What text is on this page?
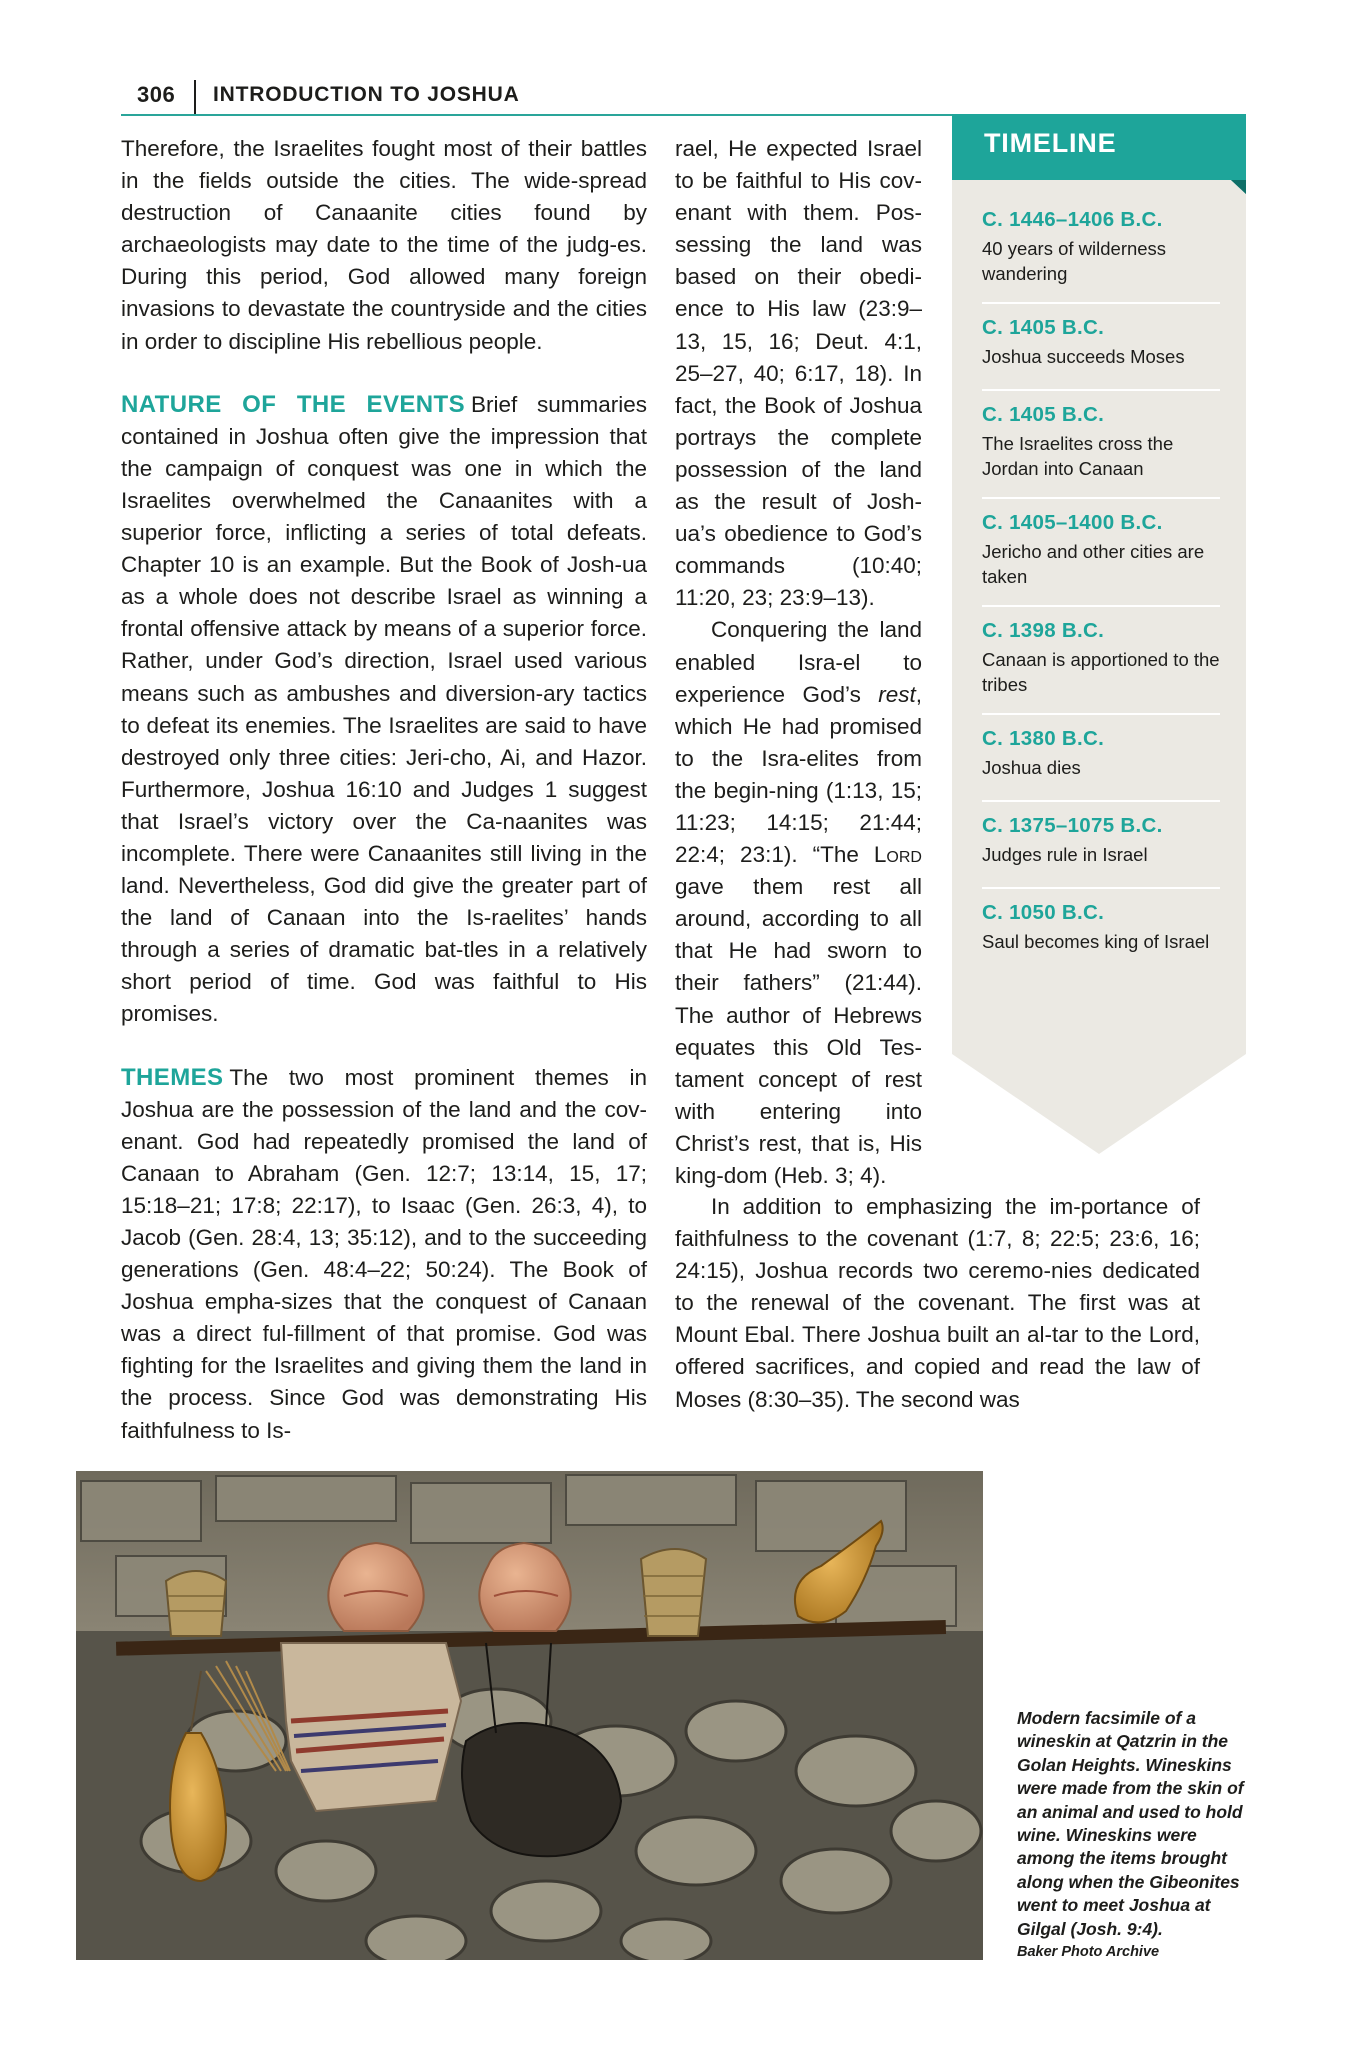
306 INTRODUCTION TO JOSHUA

Therefore, the Israelites fought most of their battles in the fields outside the cities. The wide-spread destruction of Canaanite cities found by archaeologists may date to the time of the judg-es. During this period, God allowed many foreign invasions to devastate the countryside and the cities in order to discipline His rebellious people.

NATURE OF THE EVENTS Brief summaries contained in Joshua often give the impression that the campaign of conquest was one in which the Israelites overwhelmed the Canaanites with a superior force, inflicting a series of total defeats. Chapter 10 is an example. But the Book of Josh-ua as a whole does not describe Israel as winning a frontal offensive attack by means of a superior force. Rather, under God’s direction, Israel used various means such as ambushes and diversion-ary tactics to defeat its enemies. The Israelites are said to have destroyed only three cities: Jeri-cho, Ai, and Hazor. Furthermore, Joshua 16:10 and Judges 1 suggest that Israel’s victory over the Ca-naanites was incomplete. There were Canaanites still living in the land. Nevertheless, God did give the greater part of the land of Canaan into the Is-raelites’ hands through a series of dramatic bat-tles in a relatively short period of time. God was faithful to His promises.

THEMES The two most prominent themes in Joshua are the possession of the land and the cov-enant. God had repeatedly promised the land of Canaan to Abraham (Gen. 12:7; 13:14, 15, 17; 15:18–21; 17:8; 22:17), to Isaac (Gen. 26:3, 4), to Jacob (Gen. 28:4, 13; 35:12), and to the succeeding generations (Gen. 48:4–22; 50:24). The Book of Joshua empha-sizes that the conquest of Canaan was a direct ful-fillment of that promise. God was fighting for the Israelites and giving them the land in the process. Since God was demonstrating His faithfulness to Is-

rael, He expected Israel to be faithful to His cov-enant with them. Pos-sessing the land was based on their obedi-ence to His law (23:9–13, 15, 16; Deut. 4:1, 25–27, 40; 6:17, 18). In fact, the Book of Joshua portrays the complete possession of the land as the result of Josh-ua’s obedience to God’s commands (10:40; 11:20, 23; 23:9–13).

Conquering the land enabled Isra-el to experience God’s rest, which He had promised to the Isra-elites from the begin-ning (1:13, 15; 11:23; 14:15; 21:44; 22:4; 23:1). “The Lord gave them rest all around, according to all that He had sworn to their fathers” (21:44). The author of Hebrews equates this Old Tes-tament concept of rest with entering into Christ’s rest, that is, His king-dom (Heb. 3; 4).

In addition to emphasizing the im-portance of faithfulness to the covenant (1:7, 8; 22:5; 23:6, 16; 24:15), Joshua records two ceremo-nies dedicated to the renewal of the covenant. The first was at Mount Ebal. There Joshua built an al-tar to the Lord, offered sacrifices, and copied and read the law of Moses (8:30–35). The second was

TIMELINE
C. 1446–1406 B.C.
40 years of wilderness wandering
C. 1405 B.C.
Joshua succeeds Moses
C. 1405 B.C.
The Israelites cross the Jordan into Canaan
C. 1405–1400 B.C.
Jericho and other cities are taken
C. 1398 B.C.
Canaan is apportioned to the tribes
C. 1380 B.C.
Joshua dies
C. 1375–1075 B.C.
Judges rule in Israel
C. 1050 B.C.
Saul becomes king of Israel
Modern facsimile of a wineskin at Qatzrin in the Golan Heights. Wineskins were made from the skin of an animal and used to hold wine. Wineskins were among the items brought along when the Gibeonites went to meet Joshua at Gilgal (Josh. 9:4).
Baker Photo Archive
